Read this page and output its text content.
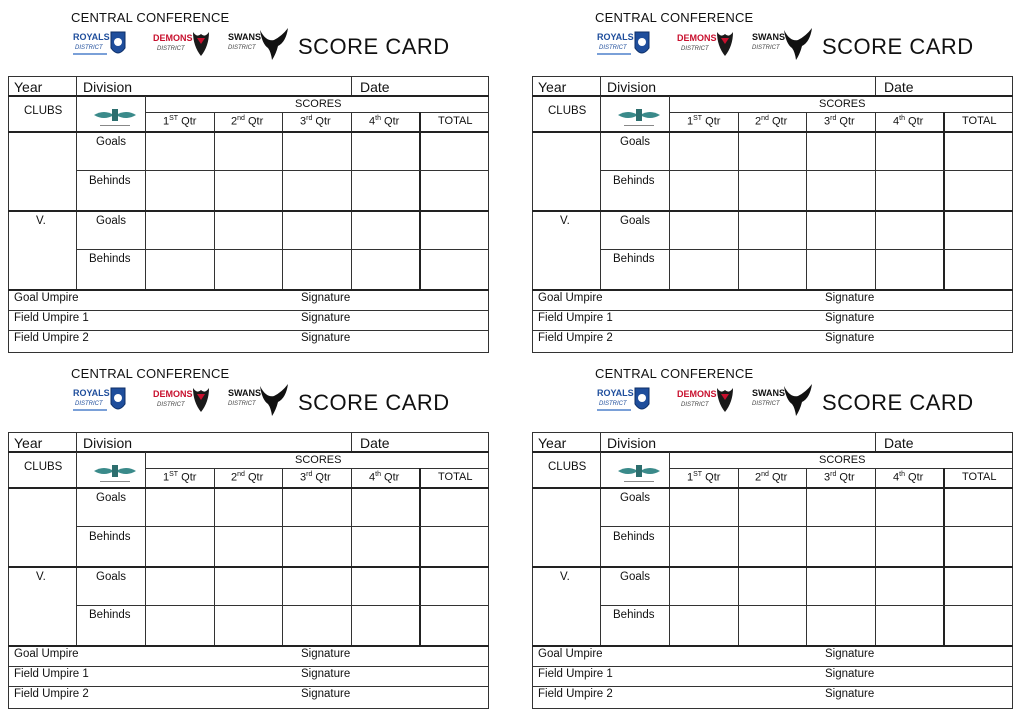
CENTRAL CONFERENCE
ROYALS
DISTRICT
DEMONS
DISTRICT
SWANS
DISTRICT SCORE CARD
Year	Division	Date
CLUBS
SCORES
1ST Qtr	2nd Qtr	3rd Qtr	4th Qtr	TOTAL
Goals
Behinds
V.	Goals
Behinds
Goal Umpire	Signature
Field Umpire 1	Signature
Field Umpire 2	Signature
CENTRAL CONFERENCE
ROYALS
DISTRICT
DEMONS
DISTRICT
SWANS
DISTRICT SCORE CARD
Year	Division	Date
CLUBS
SCORES
1ST Qtr	2nd Qtr	3rd Qtr	4th Qtr	TOTAL
Goals
Behinds
V.	Goals
Behinds
Goal Umpire	Signature
Field Umpire 1	Signature
Field Umpire 2	Signature
CENTRAL CONFERENCE
ROYALS
DISTRICT
DEMONS
DISTRICT
SWANS
DISTRICT SCORE CARD
Year	Division	Date
CLUBS
SCORES
1ST Qtr	2nd Qtr	3rd Qtr	4th Qtr	TOTAL
Goals
Behinds
V.	Goals
Behinds
Goal Umpire	Signature
Field Umpire 1	Signature
Field Umpire 2	Signature
CENTRAL CONFERENCE
ROYALS
DISTRICT
DEMONS
DISTRICT
SWANS
DISTRICT SCORE CARD
Year	Division	Date
CLUBS
SCORES
1ST Qtr	2nd Qtr	3rd Qtr	4th Qtr	TOTAL
Goals
Behinds
V.	Goals
Behinds
Goal Umpire	Signature
Field Umpire 1	Signature
Field Umpire 2	Signature
